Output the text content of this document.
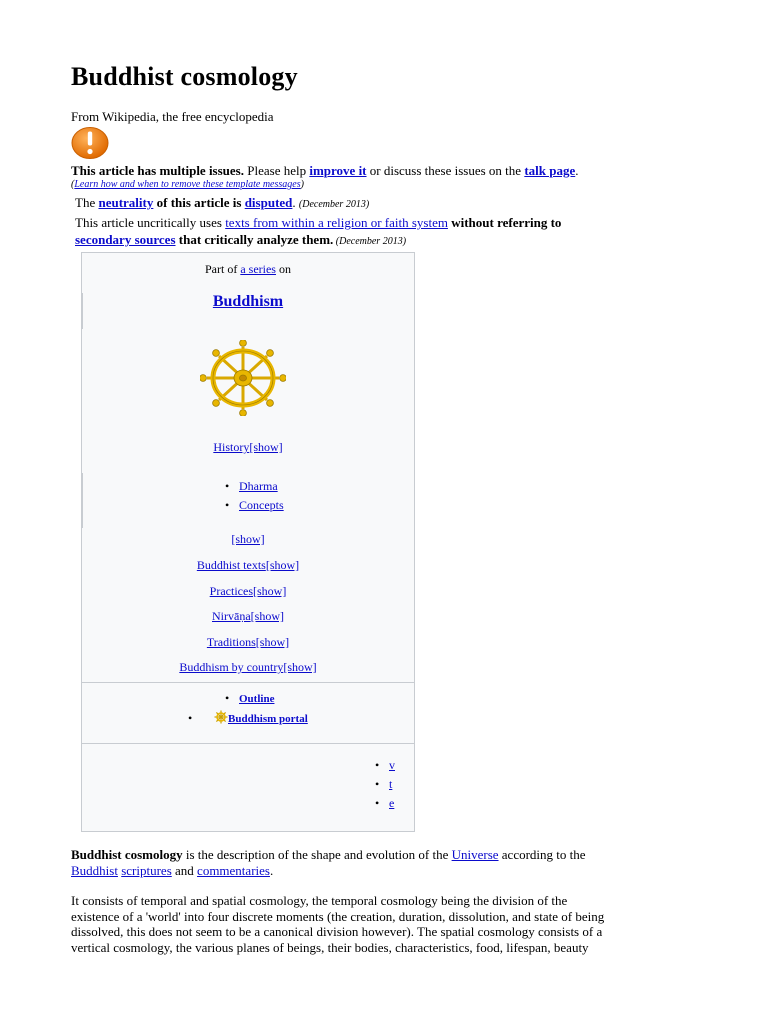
Buddhist cosmology
From Wikipedia, the free encyclopedia
This article has multiple issues. Please help improve it or discuss these issues on the talk page.
(Learn how and when to remove these template messages)
The neutrality of this article is disputed. (December 2013)
This article uncritically uses texts from within a religion or faith system without referring to
secondary sources that critically analyze them. (December 2013)
Part of a series on
Buddhism
History[show]
• Dharma
• Concepts
[show]
Buddhist texts[show]
Practices[show]
Nirvāṇa[show]
Traditions[show]
Buddhism by country[show]
• Outline
•	Buddhism portal
• v
• t
• e
Buddhist cosmology is the description of the shape and evolution of the Universe according to the
Buddhist scriptures and commentaries.
It consists of temporal and spatial cosmology, the temporal cosmology being the division of the
existence of a 'world' into four discrete moments (the creation, duration, dissolution, and state of being
dissolved, this does not seem to be a canonical division however). The spatial cosmology consists of a
vertical cosmology, the various planes of beings, their bodies, characteristics, food, lifespan, beauty
